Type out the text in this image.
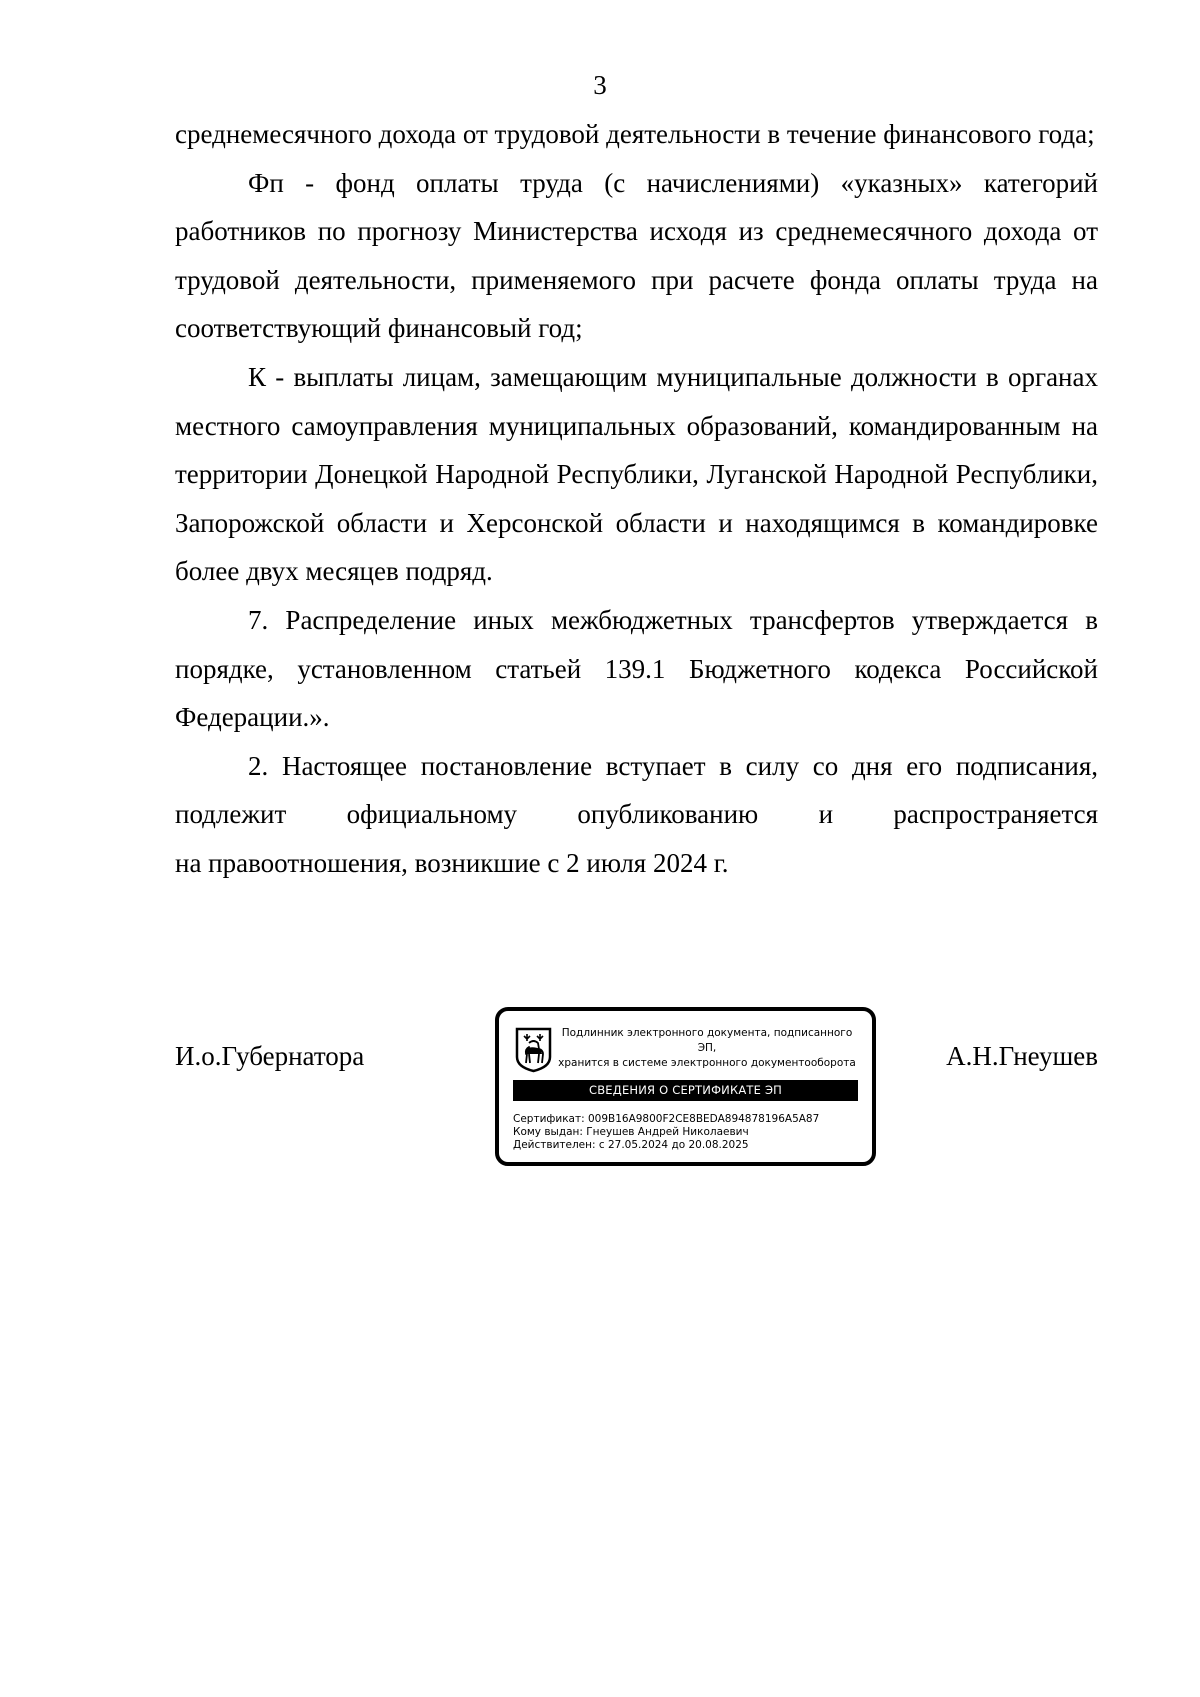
3

среднемесячного дохода от трудовой деятельности в течение финансового года;

Фп - фонд оплаты труда (с начислениями) «указных» категорий работников по прогнозу Министерства исходя из среднемесячного дохода от трудовой деятельности, применяемого при расчете фонда оплаты труда на соответствующий финансовый год;

К - выплаты лицам, замещающим муниципальные должности в органах местного самоуправления муниципальных образований, командированным на территории Донецкой Народной Республики, Луганской Народной Республики, Запорожской области и Херсонской области и находящимся в командировке более двух месяцев подряд.

7. Распределение иных межбюджетных трансфертов утверждается в порядке, установленном статьей 139.1 Бюджетного кодекса Российской Федерации.».

2. Настоящее постановление вступает в силу со дня его подписания, подлежит официальному опубликованию и распространяется

на правоотношения, возникшие с 2 июля 2024 г.

И.о.Губернатора
Подлинник электронного документа, подписанного ЭП,
хранится в системе электронного документооборота
СВЕДЕНИЯ О СЕРТИФИКАТЕ ЭП
Сертификат: 009B16A9800F2CE8BEDA894878196A5A87
Кому выдан: Гнеушев Андрей Николаевич
Действителен: с 27.05.2024 до 20.08.2025
А.Н.Гнеушев
